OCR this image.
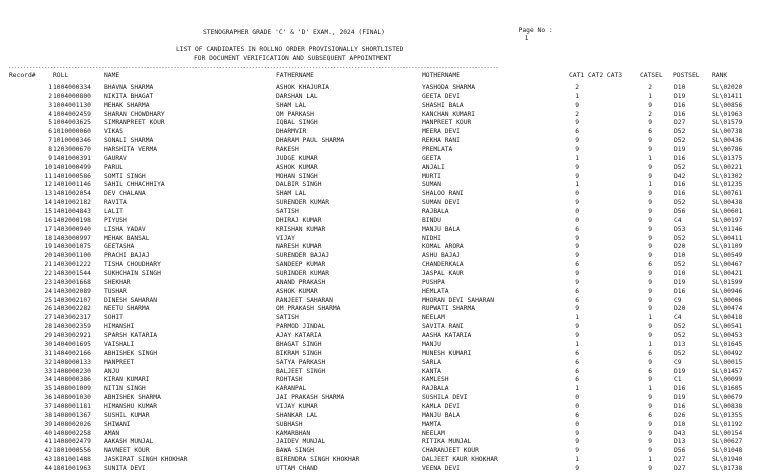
Page No :
1

STENOGRAPHER GRADE 'C' & 'D' EXAM., 2024 (FINAL)
LIST OF CANDIDATES IN ROLLNO ORDER PROVISIONALLY SHORTLISTED
FOR DOCUMENT VERIFICATION AND SUBSEQUENT APPOINTMENT
-------------------------------------------------------------------------------------------------------------------------------------------------------------------
Record#	ROLL	NAME	FATHERNAME	MOTHERNAME	CAT1 CAT2 CAT3	CATSEL POSTSEL RANK
1 1004000334 BHAVNA SHARMA	ASHOK KHAJURIA	YASHODA SHARMA	2	2	D10	SL\02020
2 1004000800 NIKITA BHAGAT	DARSHAN LAL	GEETA DEVI	1	1	D19	SL\01411
3 1004001130 MEHAK SHARMA	SHAM LAL	SHASHI BALA	9	9	D16	SL\00856
4 1004002459 SHARAN CHOWDHARY	OM PARKASH	KANCHAN KUMARI	2	2	D16	SL\01963
5 1004003625 SIMRANPREET KOUR	IQBAL SINGH	MANPREET KOUR	9	9	D27	SL\01579
6 1010000060 VIKAS	DHARMVIR	MEERA DEVI	6	6	D52	SL\00738
7 1010000346 SONALI SHARMA	DHARAM PAUL SHARMA	REKHA RANI	9	9	D52	SL\00436
8 1203000670 HARSHITA VERMA	RAKESH	PREMLATA	9	9	D19	SL\00786
9 1401000391 GAURAV	JUDGE KUMAR	GEETA	1	1	D16	SL\01375
10 1401000499 PARUL	ASHOK KUMAR	ANJALI	9	9	D52	SL\00221
11 1401000586 SOMTI SINGH	MOHAN SINGH	MURTI	9	9	D42	SL\01302
12 1401001146 SAHIL CHHACHHIYA	DALBIR SINGH	SUMAN	1	1	D16	SL\01235
13 1401002054 DEV CHALANA	SHAM LAL	SHALOO RANI	0	9	D16	SL\00761
14 1401002182 RAVITA	SURENDER KUMAR	SUMAN DEVI	9	9	D52	SL\00438
15 1401004843 LALIT	SATISH	RAJBALA	0	9	D56	SL\00601
16 1402000198 PIYUSH	DHIRAJ KUMAR	BINDU	0	9	C4	SL\00197
17 1403000940 LISHA YADAV	KRISHAN KUMAR	MANJU BALA	6	9	D53	SL\01146
18 1403000997 MEHAK BANSAL	VIJAY	NIDHI	9	9	D52	SL\00411
19 1403001075 GEETASHA	NARESH KUMAR	KOMAL ARORA	9	9	D20	SL\01109
20 1403001100 PRACHI BAJAJ	SURENDER BAJAJ	ASHU BAJAJ	9	9	D10	SL\00549
21 1403001222 TISHA CHOUDHARY	SANDEEP KUMAR	CHANDERKALA	6	6	D52	SL\00467
22 1403001544 SUKHCHAIN SINGH	SURINDER KUMAR	JASPAL KAUR	9	9	D10	SL\00421
23 1403001668 SHEKHAR	ANAND PRAKASH	PUSHPA	9	9	D19	SL\01599
24 1403002089 TUSHAR	ASHOK KUMAR	HEMLATA	6	9	D16	SL\00946
25 1403002107 DINESH SAHARAN	RANJEET SAHARAN	MHORAN DEVI SAHARAN	6	9	C9	SL\00006
26 1403002282 NEETU SHARMA	OM PRAKASH SHARMA	RUPWATI SHARMA	9	9	D20	SL\00474
27 1403002317 SOHIT	SATISH	NEELAM	1	1	C4	SL\00418
28 1403002359 HIMANSHI	PARMOD JINDAL	SAVITA RANI	9	9	D52	SL\00541
29 1403002921 SPARSH KATARIA	AJAY KATARIA	AASHA KATARIA	9	9	D52	SL\00453
30 1404001695 VAISHALI	BHAGAT SINGH	MANJU	1	1	D13	SL\01645
31 1404002166 ABHISHEK SINGH	BIKRAM SINGH	MUNESH KUMARI	6	6	D52	SL\00492
32 1408000133 MANPREET	SATYA PARKASH	SARLA	6	9	C9	SL\00015
33 1408000230 ANJU	BALJEET SINGH	KANTA	6	6	D19	SL\01457
34 1408000386 KIRAN KUMARI	ROHTASH	KAMLESH	6	9	C1	SL\00099
35 1408001009 NITIN SINGH	KARANPAL	RAJBALA	1	1	D16	SL\01605
36 1408001030 ABHISHEK SHARMA	JAI PRAKASH SHARMA	SUSHILA DEVI	0	9	D19	SL\00679
37 1408001181 HIMANSHU KUMAR	VIJAY KUMAR	KAMLA DEVI	0	9	D16	SL\00838
38 1408001367 SUSHIL KUMAR	SHANKAR LAL	MANJU BALA	6	6	D26	SL\01355
39 1408002026 SHIWANI	SUBHASH	MAMTA	0	9	D10	SL\01192
40 1408002258 AMAN	KAMARBHAN	NEELAM	9	9	D43	SL\00154
41 1408002479 AAKASH MUNJAL	JAIDEV MUNJAL	RITIKA MUNJAL	9	9	D13	SL\00627
42 1801000556 NAVNEET KOUR	BAWA SINGH	CHARANJEET KOUR	9	9	D56	SL\01048
43 1801001488 JASKIRAT SINGH KHOKHAR	BIRENDRA SINGH KHOKHAR	DALJEET KAUR KHOKHAR	1	1	D27	SL\01940
44 1801001963 SUNITA DEVI	UTTAM CHAND	VEENA DEVI	9	9	D27	SL\01738
